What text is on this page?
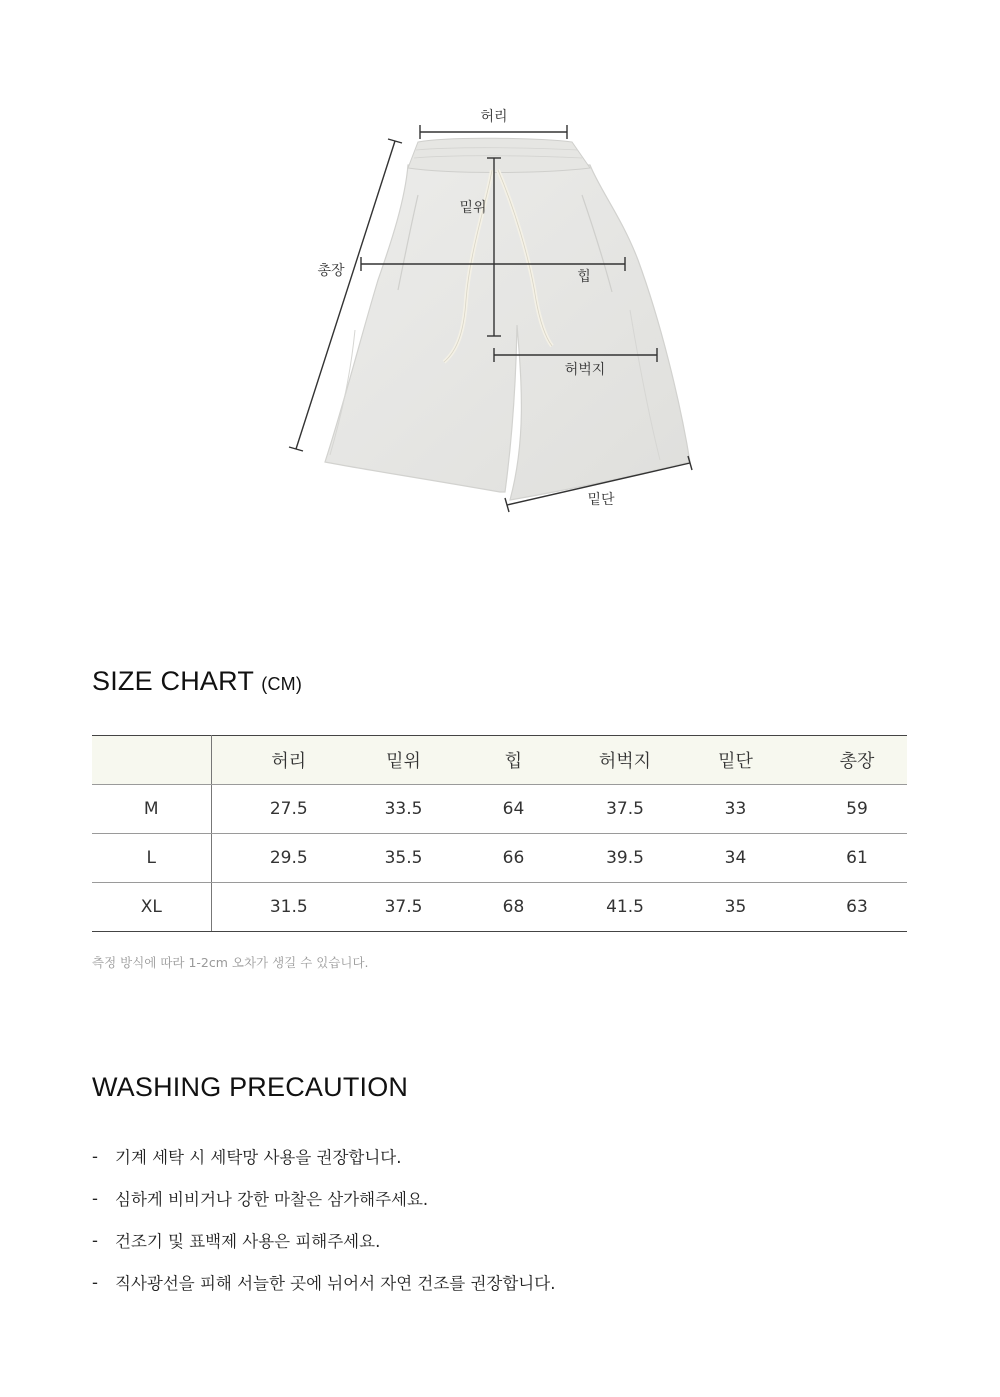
허리
밑위
총장	힙
허벅지
밑단
SIZE CHART (CM)
	허리	밑위	힙	허벅지	밑단	총장
M	27.5	33.5	64	37.5	33	59
L	29.5	35.5	66	39.5	34	61
XL	31.5	37.5	68	41.5	35	63
측정 방식에 따라 1-2cm 오차가 생길 수 있습니다.
WASHING PRECAUTION
-	기계 세탁 시 세탁망 사용을 권장합니다.
-	심하게 비비거나 강한 마찰은 삼가해주세요.
-	건조기 및 표백제 사용은 피해주세요.
-	직사광선을 피해 서늘한 곳에 뉘어서 자연 건조를 권장합니다.
